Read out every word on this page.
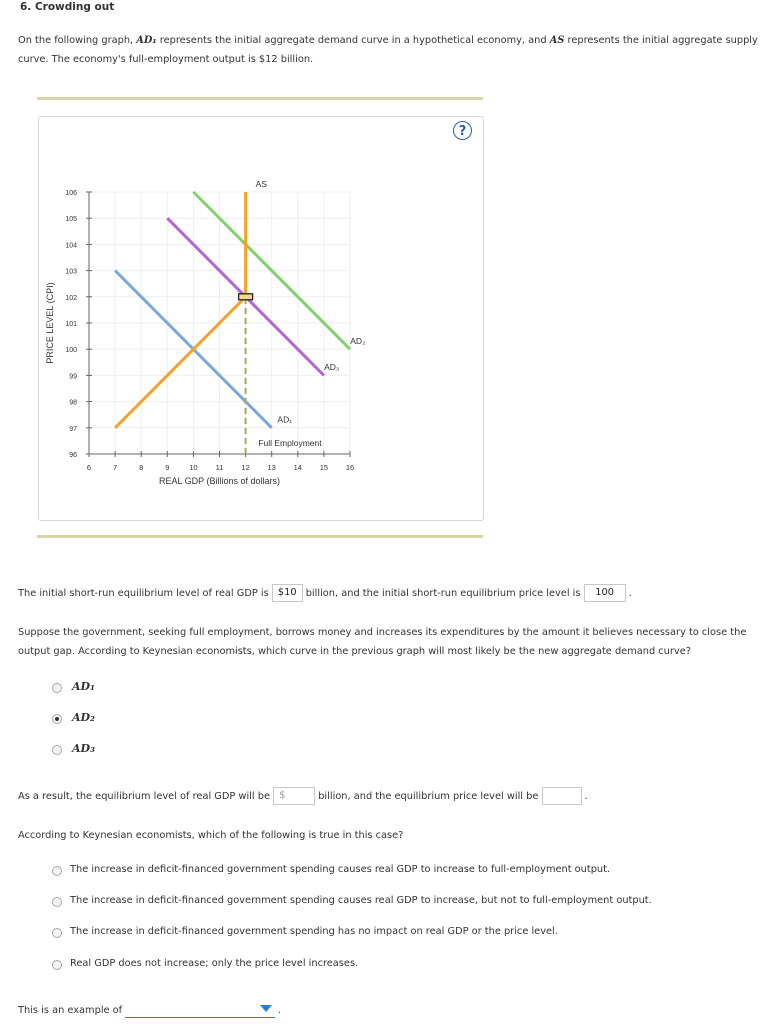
6. Crowding out
On the following graph, AD₁ represents the initial aggregate demand curve in a hypothetical economy, and AS represents the initial aggregate supply
curve. The economy's full-employment output is $12 billion.
?
6	7	8	9	10 11 12 13 14 15 16
96
97
98
99
100
101
102
103
104
105
106
AS
AD₁
AD₂
AD₃
Full Employment
PRICE LEVEL (CPI)
REAL GDP (Billions of dollars)
The initial short-run equilibrium level of real GDP is $10 billion, and the initial short-run equilibrium price level is 100 .
Suppose the government, seeking full employment, borrows money and increases its expenditures by the amount it believes necessary to close the
output gap. According to Keynesian economists, which curve in the previous graph will most likely be the new aggregate demand curve?
AD₁
AD₂
AD₃
As a result, the equilibrium level of real GDP will be $	billion, and the equilibrium price level will be	.
According to Keynesian economists, which of the following is true in this case?
The increase in deficit-financed government spending causes real GDP to increase to full-employment output.
The increase in deficit-financed government spending causes real GDP to increase, but not to full-employment output.
The increase in deficit-financed government spending has no impact on real GDP or the price level.
Real GDP does not increase; only the price level increases.
This is an example of	.
